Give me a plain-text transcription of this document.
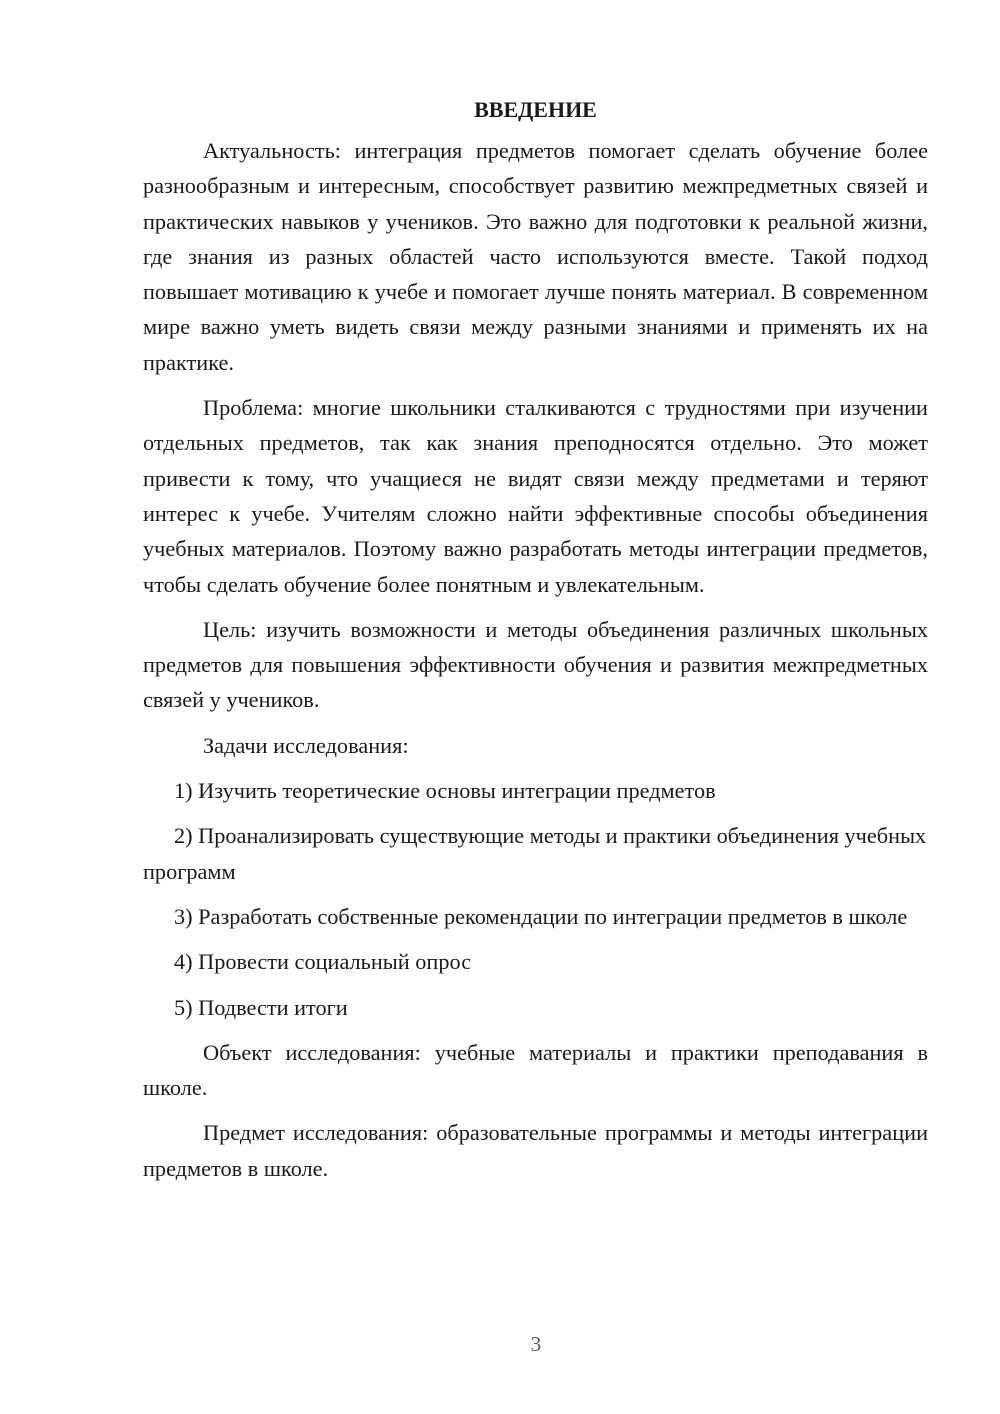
ВВЕДЕНИЕ

Актуальность: интеграция предметов помогает сделать обучение более разнообразным и интересным, способствует развитию межпредметных связей и практических навыков у учеников. Это важно для подготовки к реальной жизни, где знания из разных областей часто используются вместе. Такой подход повышает мотивацию к учебе и помогает лучше понять материал. В современном мире важно уметь видеть связи между разными знаниями и применять их на практике.

Проблема: многие школьники сталкиваются с трудностями при изучении отдельных предметов, так как знания преподносятся отдельно. Это может привести к тому, что учащиеся не видят связи между предметами и теряют интерес к учебе. Учителям сложно найти эффективные способы объединения учебных материалов. Поэтому важно разработать методы интеграции предметов, чтобы сделать обучение более понятным и увлекательным.

Цель: изучить возможности и методы объединения различных школьных предметов для повышения эффективности обучения и развития межпредметных связей у учеников.

Задачи исследования:

1) Изучить теоретические основы интеграции предметов

2) Проанализировать существующие методы и практики объединения учебных программ

3) Разработать собственные рекомендации по интеграции предметов в школе

4) Провести социальный опрос

5) Подвести итоги

Объект исследования: учебные материалы и практики преподавания в школе.

Предмет исследования: образовательные программы и методы интеграции предметов в школе.

3
